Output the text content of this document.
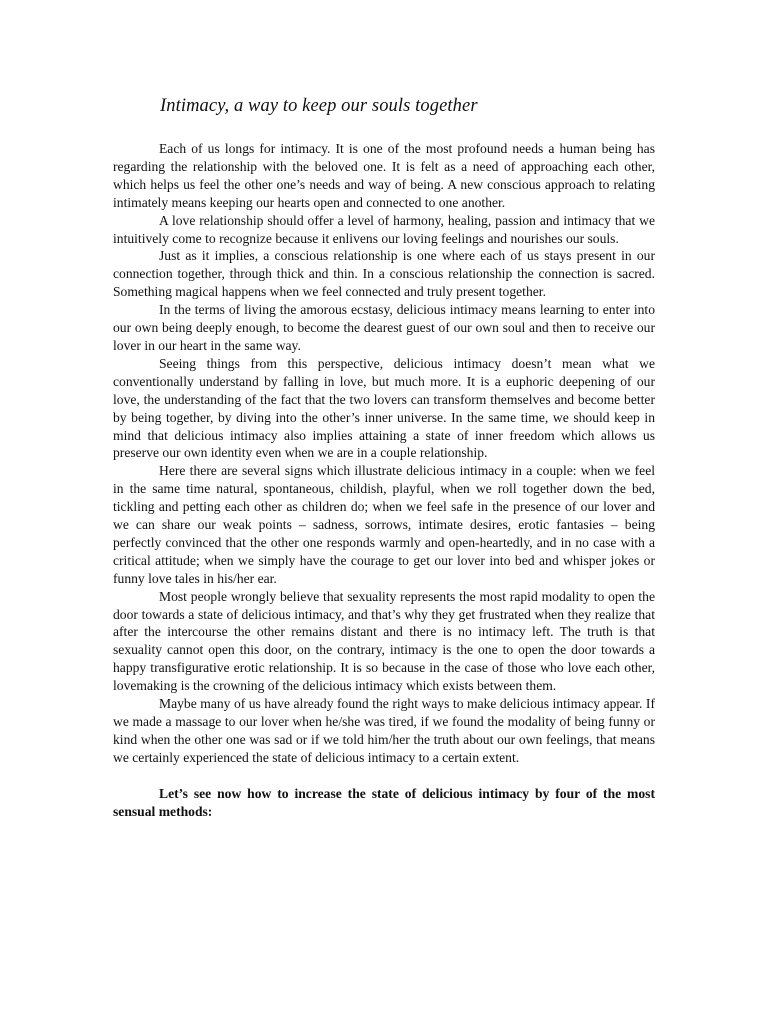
Intimacy, a way to keep our souls together

Each of us longs for intimacy. It is one of the most profound needs a human being has regarding the relationship with the beloved one. It is felt as a need of approaching each other, which helps us feel the other one’s needs and way of being. A new conscious approach to relating intimately means keeping our hearts open and connected to one another.

A love relationship should offer a level of harmony, healing, passion and intimacy that we intuitively come to recognize because it enlivens our loving feelings and nourishes our souls.

Just as it implies, a conscious relationship is one where each of us stays present in our connection together, through thick and thin. In a conscious relationship the connection is sacred. Something magical happens when we feel connected and truly present together.

In the terms of living the amorous ecstasy, delicious intimacy means learning to enter into our own being deeply enough, to become the dearest guest of our own soul and then to receive our lover in our heart in the same way.

Seeing things from this perspective, delicious intimacy doesn’t mean what we conventionally understand by falling in love, but much more. It is a euphoric deepening of our love, the understanding of the fact that the two lovers can transform themselves and become better by being together, by diving into the other’s inner universe. In the same time, we should keep in mind that delicious intimacy also implies attaining a state of inner freedom which allows us preserve our own identity even when we are in a couple relationship.

Here there are several signs which illustrate delicious intimacy in a couple: when we feel in the same time natural, spontaneous, childish, playful, when we roll together down the bed, tickling and petting each other as children do; when we feel safe in the presence of our lover and we can share our weak points – sadness, sorrows, intimate desires, erotic fantasies – being perfectly convinced that the other one responds warmly and open-heartedly, and in no case with a critical attitude; when we simply have the courage to get our lover into bed and whisper jokes or funny love tales in his/her ear.

Most people wrongly believe that sexuality represents the most rapid modality to open the door towards a state of delicious intimacy, and that’s why they get frustrated when they realize that after the intercourse the other remains distant and there is no intimacy left. The truth is that sexuality cannot open this door, on the contrary, intimacy is the one to open the door towards a happy transfigurative erotic relationship. It is so because in the case of those who love each other, lovemaking is the crowning of the delicious intimacy which exists between them.

Maybe many of us have already found the right ways to make delicious intimacy appear. If we made a massage to our lover when he/she was tired, if we found the modality of being funny or kind when the other one was sad or if we told him/her the truth about our own feelings, that means we certainly experienced the state of delicious intimacy to a certain extent.

Let’s see now how to increase the state of delicious intimacy by four of the most sensual methods:
